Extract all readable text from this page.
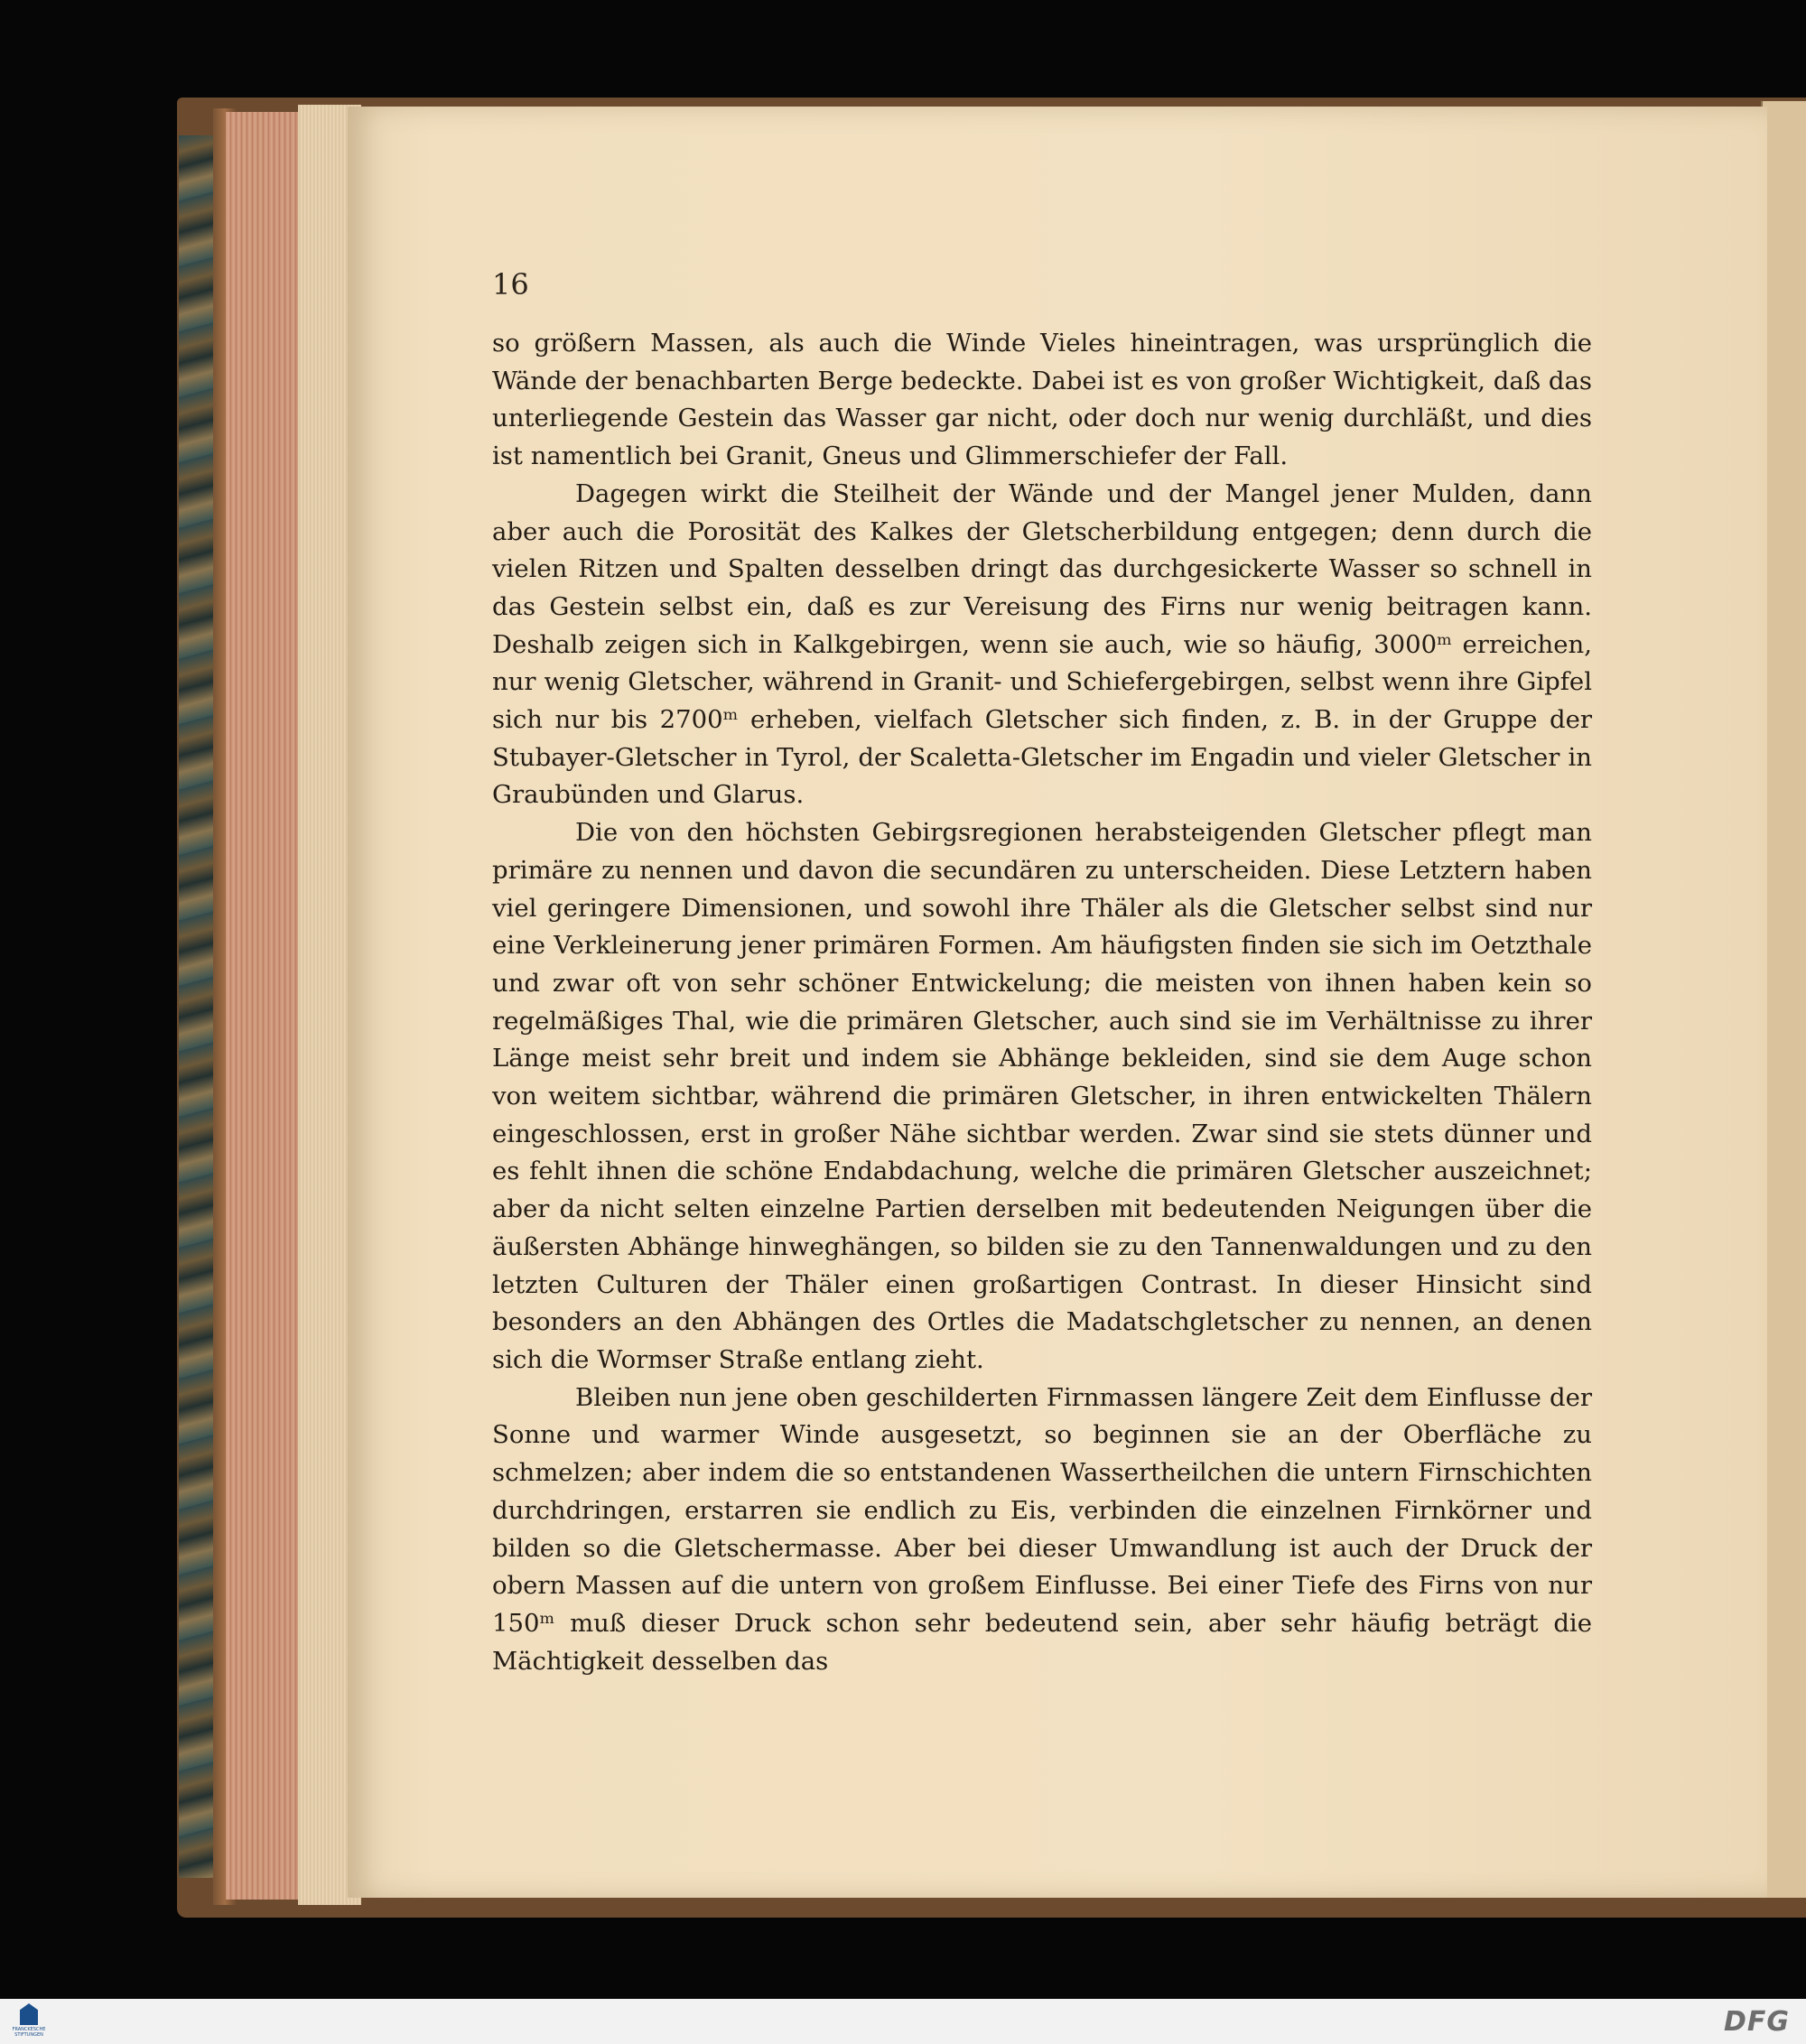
16

so größern Massen, als auch die Winde Vieles hineintragen, was ursprünglich die Wände der benachbarten Berge bedeckte. Dabei ist es von großer Wichtigkeit, daß das unterliegende Gestein das Wasser gar nicht, oder doch nur wenig durchläßt, und dies ist namentlich bei Granit, Gneus und Glimmerschiefer der Fall.

Dagegen wirkt die Steilheit der Wände und der Mangel jener Mulden, dann aber auch die Porosität des Kalkes der Gletscherbildung entgegen; denn durch die vielen Ritzen und Spalten desselben dringt das durchgesickerte Wasser so schnell in das Gestein selbst ein, daß es zur Vereisung des Firns nur wenig beitragen kann. Deshalb zeigen sich in Kalkgebirgen, wenn sie auch, wie so häufig, 3000ᵐ erreichen, nur wenig Gletscher, während in Granit- und Schiefergebirgen, selbst wenn ihre Gipfel sich nur bis 2700ᵐ erheben, vielfach Gletscher sich finden, z. B. in der Gruppe der Stubayer-Gletscher in Tyrol, der Scaletta-Gletscher im Engadin und vieler Gletscher in Graubünden und Glarus.

Die von den höchsten Gebirgsregionen herabsteigenden Gletscher pflegt man primäre zu nennen und davon die secundären zu unterscheiden. Diese Letztern haben viel geringere Dimensionen, und sowohl ihre Thäler als die Gletscher selbst sind nur eine Verkleinerung jener primären Formen. Am häufigsten finden sie sich im Oetzthale und zwar oft von sehr schöner Entwickelung; die meisten von ihnen haben kein so regelmäßiges Thal, wie die primären Gletscher, auch sind sie im Verhältnisse zu ihrer Länge meist sehr breit und indem sie Abhänge bekleiden, sind sie dem Auge schon von weitem sichtbar, während die primären Gletscher, in ihren entwickelten Thälern eingeschlossen, erst in großer Nähe sichtbar werden. Zwar sind sie stets dünner und es fehlt ihnen die schöne Endabdachung, welche die primären Gletscher auszeichnet; aber da nicht selten einzelne Partien derselben mit bedeutenden Neigungen über die äußersten Abhänge hinweghängen, so bilden sie zu den Tannenwaldungen und zu den letzten Culturen der Thäler einen großartigen Contrast. In dieser Hinsicht sind besonders an den Abhängen des Ortles die Madatschgletscher zu nennen, an denen sich die Wormser Straße entlang zieht.

Bleiben nun jene oben geschilderten Firnmassen längere Zeit dem Einflusse der Sonne und warmer Winde ausgesetzt, so beginnen sie an der Oberfläche zu schmelzen; aber indem die so entstandenen Wassertheilchen die untern Firnschichten durchdringen, erstarren sie endlich zu Eis, verbinden die einzelnen Firnkörner und bilden so die Gletschermasse. Aber bei dieser Umwandlung ist auch der Druck der obern Massen auf die untern von großem Einflusse. Bei einer Tiefe des Firns von nur 150ᵐ muß dieser Druck schon sehr bedeutend sein, aber sehr häufig beträgt die Mächtigkeit desselben das

FRANCKESCHE STIFTUNGEN	DFG
